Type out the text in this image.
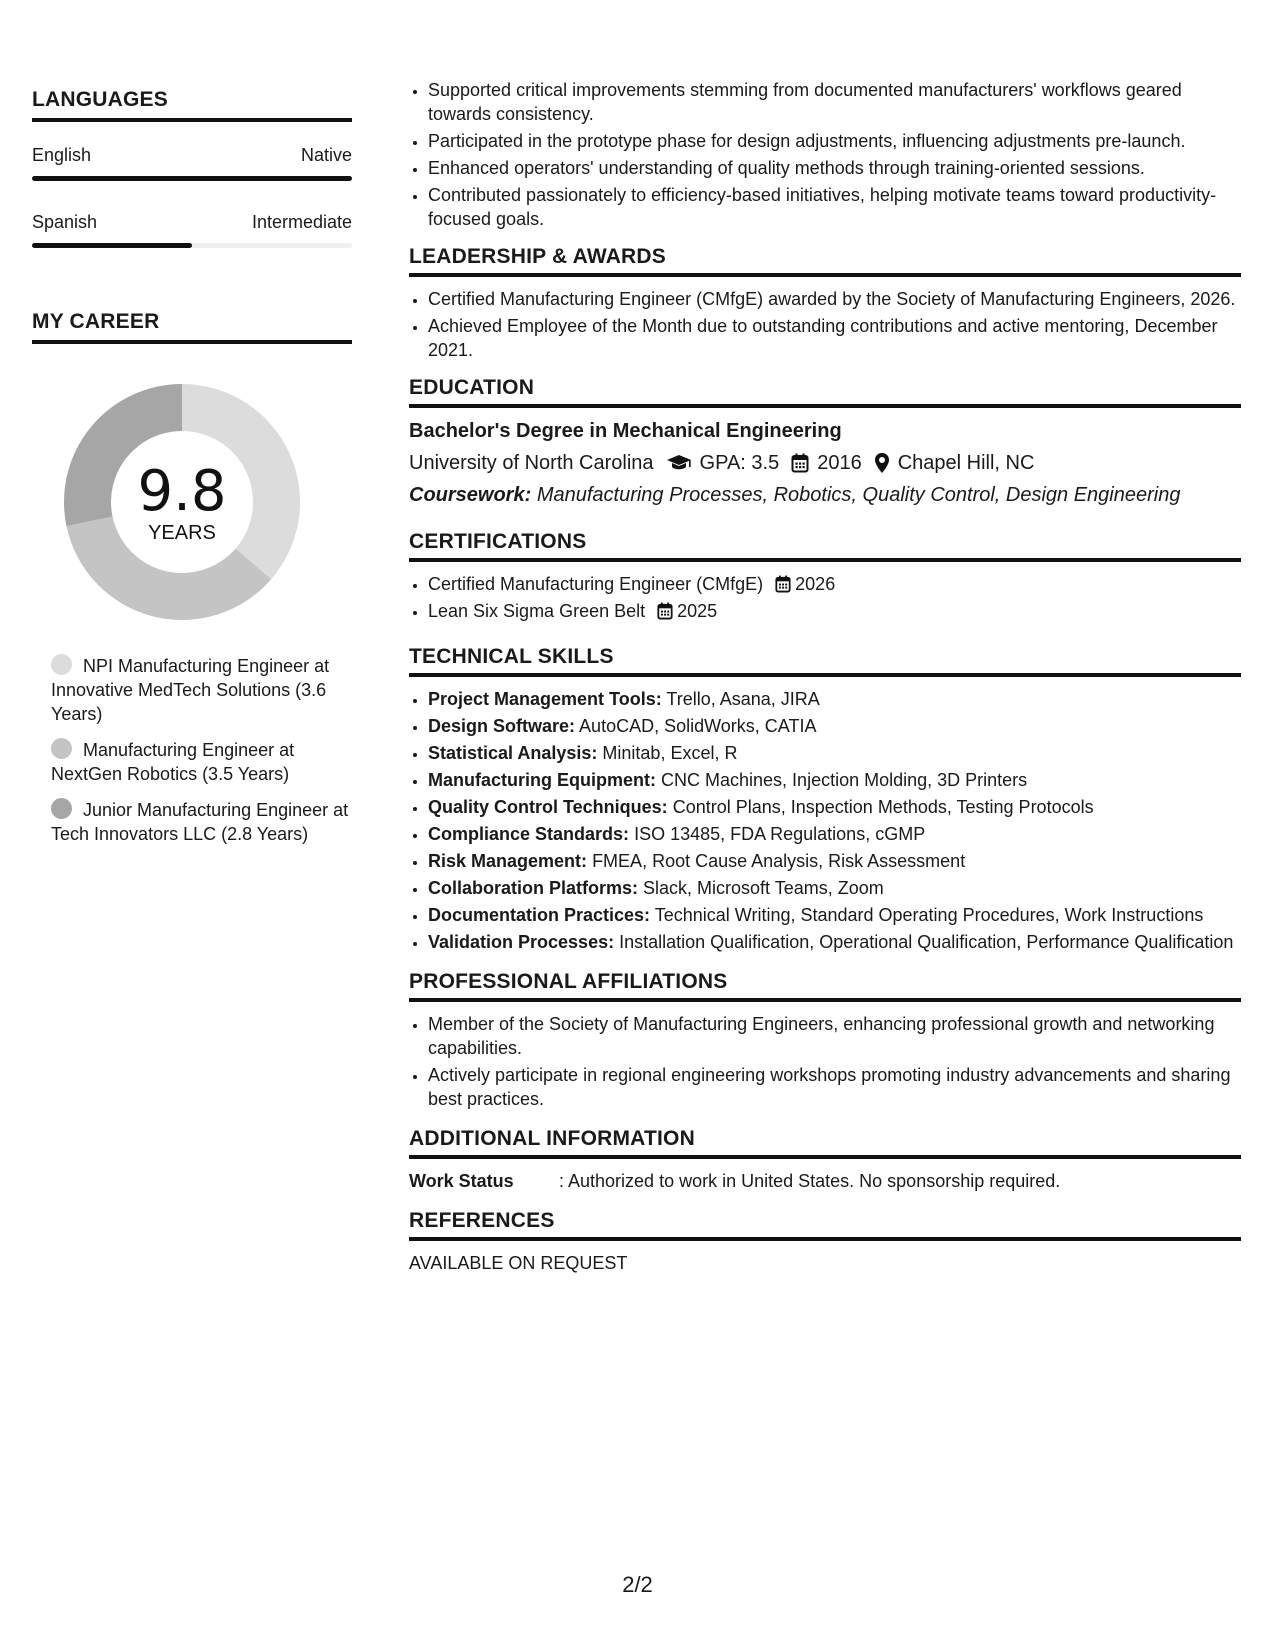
LANGUAGES
English	Native
Spanish	Intermediate
MY CAREER
9.8
YEARS
NPI Manufacturing Engineer at Innovative MedTech Solutions (3.6 Years)
Manufacturing Engineer at NextGen Robotics (3.5 Years)
Junior Manufacturing Engineer at Tech Innovators LLC (2.8 Years)
• Supported critical improvements stemming from documented manufacturers' workflows geared towards consistency.
• Participated in the prototype phase for design adjustments, influencing adjustments pre-launch.
• Enhanced operators' understanding of quality methods through training-oriented sessions.
• Contributed passionately to efficiency-based initiatives, helping motivate teams toward productivity-focused goals.
LEADERSHIP & AWARDS
• Certified Manufacturing Engineer (CMfgE) awarded by the Society of Manufacturing Engineers, 2026.
• Achieved Employee of the Month due to outstanding contributions and active mentoring, December 2021.
EDUCATION
Bachelor's Degree in Mechanical Engineering
University of North Carolina GPA: 3.5 2016 Chapel Hill, NC
Coursework: Manufacturing Processes, Robotics, Quality Control, Design Engineering
CERTIFICATIONS
• Certified Manufacturing Engineer (CMfgE) 2026
• Lean Six Sigma Green Belt 2025
TECHNICAL SKILLS
• Project Management Tools: Trello, Asana, JIRA
• Design Software: AutoCAD, SolidWorks, CATIA
• Statistical Analysis: Minitab, Excel, R
• Manufacturing Equipment: CNC Machines, Injection Molding, 3D Printers
• Quality Control Techniques: Control Plans, Inspection Methods, Testing Protocols
• Compliance Standards: ISO 13485, FDA Regulations, cGMP
• Risk Management: FMEA, Root Cause Analysis, Risk Assessment
• Collaboration Platforms: Slack, Microsoft Teams, Zoom
• Documentation Practices: Technical Writing, Standard Operating Procedures, Work Instructions
• Validation Processes: Installation Qualification, Operational Qualification, Performance Qualification
PROFESSIONAL AFFILIATIONS
• Member of the Society of Manufacturing Engineers, enhancing professional growth and networking capabilities.
• Actively participate in regional engineering workshops promoting industry advancements and sharing best practices.
ADDITIONAL INFORMATION
Work Status	: Authorized to work in United States. No sponsorship required.
REFERENCES
AVAILABLE ON REQUEST
2/2
